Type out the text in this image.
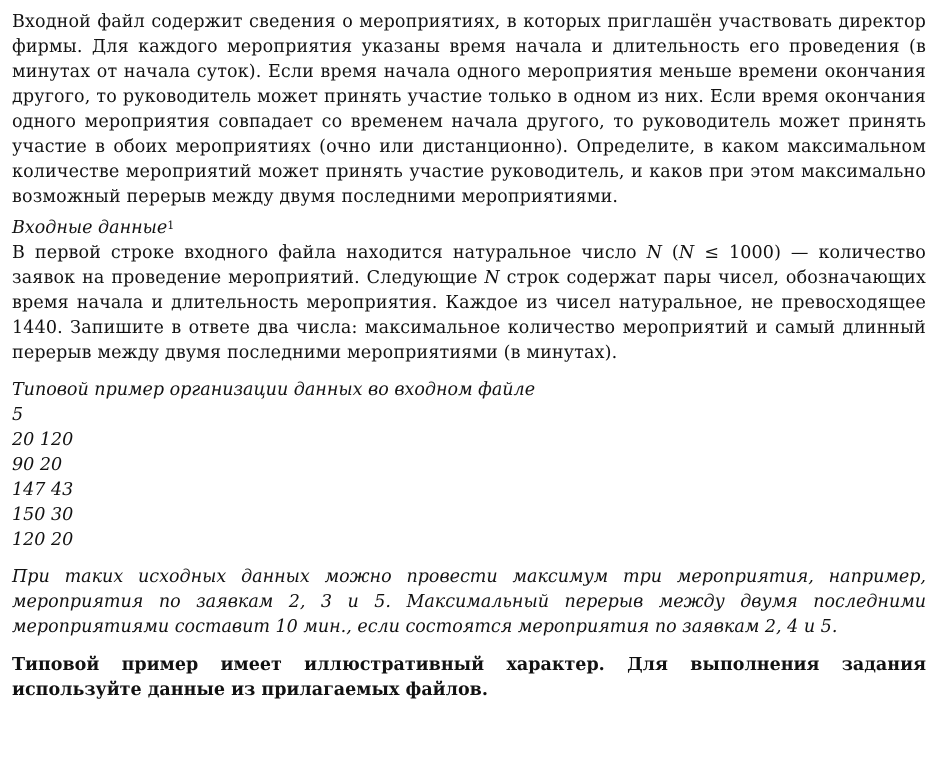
Входной файл содержит сведения о мероприятиях, в которых приглашён участвовать директор фирмы. Для каждого мероприятия указаны время начала и длительность его проведения (в минутах от начала суток). Если время начала одного мероприятия меньше времени окончания другого, то руководитель может принять участие только в одном из них. Если время окончания одного мероприятия совпадает со временем начала другого, то руководитель может принять участие в обоих мероприятиях (очно или дистанционно). Определите, в каком максимальном количестве мероприятий может принять участие руководитель, и каков при этом максимально возможный перерыв между двумя последними мероприятиями.

Входные данные$^1$

В первой строке входного файла находится натуральное число N (N ≤ 1000) — количество заявок на проведение мероприятий. Следующие N строк содержат пары чисел, обозначающих время начала и длительность мероприятия. Каждое из чисел натуральное, не превосходящее 1440. Запишите в ответе два числа: максимальное количество мероприятий и самый длинный перерыв между двумя последними мероприятиями (в минутах).

Типовой пример организации данных во входном файле

5
20 120
90 20
147 43
150 30
120 20

При таких исходных данных можно провести максимум три мероприятия, например, мероприятия по заявкам 2, 3 и 5. Максимальный перерыв между двумя последними мероприятиями составит 10 мин., если состоятся мероприятия по заявкам 2, 4 и 5.

Типовой пример имеет иллюстративный характер. Для выполнения задания используйте данные из прилагаемых файлов.
